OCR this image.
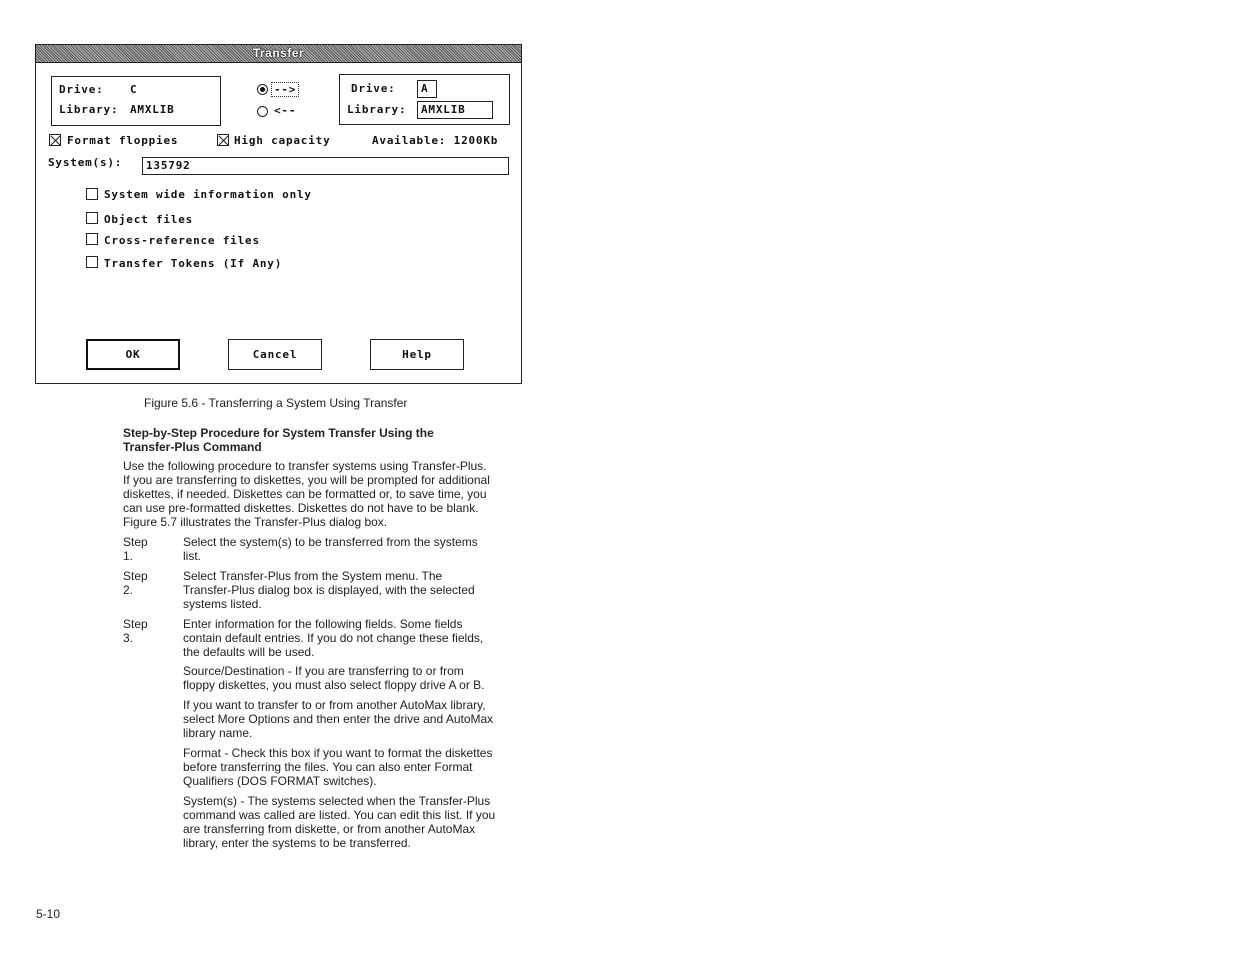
Transfer
Drive: C
Library: AMXLIB
-->
<--
Drive:	A
Library:	AMXLIB
Format floppies	High capacity	Available: 1200Kb
System(s):	135792
System wide information only
Object files
Cross-reference files
Transfer Tokens (If Any)
OK	Cancel	Help
Figure 5.6 - Transferring a System Using Transfer
Step-by-Step Procedure for System Transfer Using the
Transfer-Plus Command
Use the following procedure to transfer systems using Transfer-Plus.
If you are transferring to diskettes, you will be prompted for additional
diskettes, if needed. Diskettes can be formatted or, to save time, you
can use pre-formatted diskettes. Diskettes do not have to be blank.
Figure 5.7 illustrates the Transfer-Plus dialog box.
Step 1.
Select the system(s) to be transferred from the systems
list.
Step 2.
Select Transfer-Plus from the System menu. The
Transfer-Plus dialog box is displayed, with the selected
systems listed.
Step 3.
Enter information for the following fields. Some fields
contain default entries. If you do not change these fields,
the defaults will be used.
Source/Destination - If you are transferring to or from
floppy diskettes, you must also select floppy drive A or B.
If you want to transfer to or from another AutoMax library,
select More Options and then enter the drive and AutoMax
library name.
Format - Check this box if you want to format the diskettes
before transferring the files. You can also enter Format
Qualifiers (DOS FORMAT switches).
System(s) - The systems selected when the Transfer-Plus
command was called are listed. You can edit this list. If you
are transferring from diskette, or from another AutoMax
library, enter the systems to be transferred.
5-10
